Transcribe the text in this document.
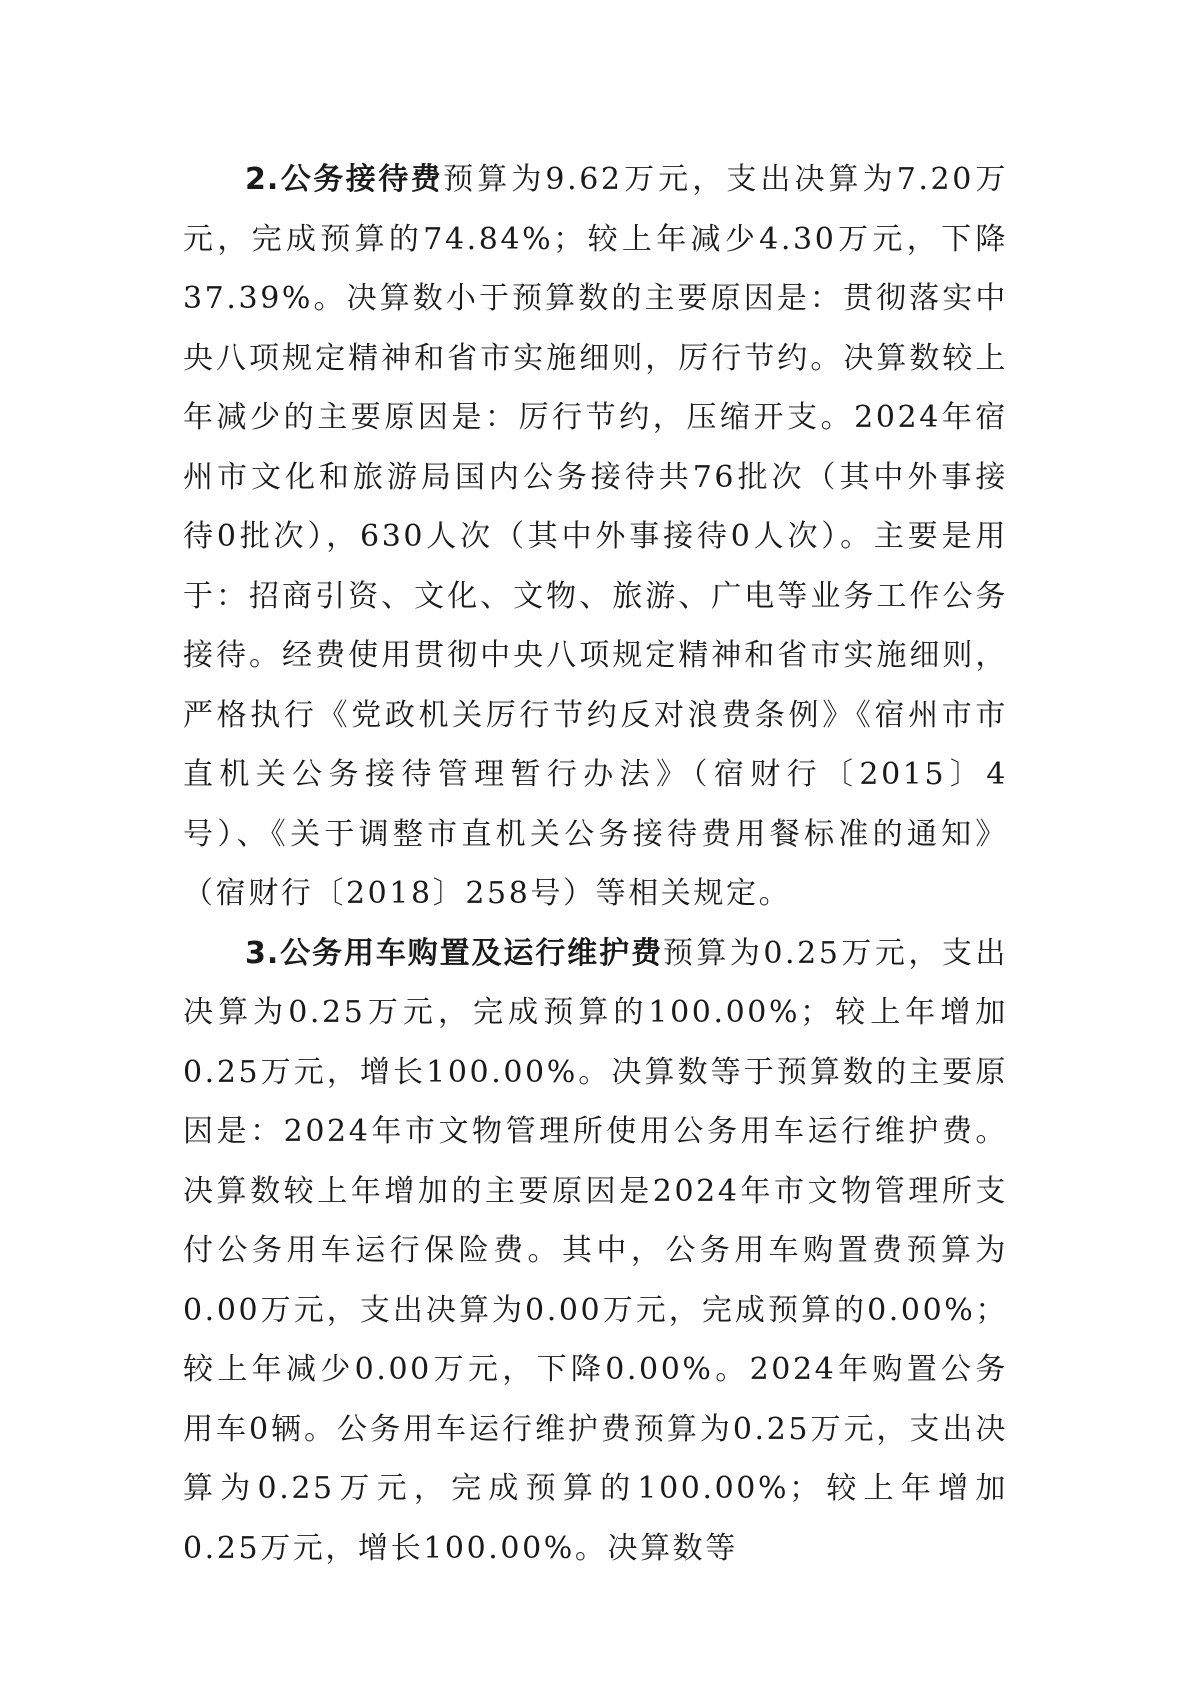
2.公务接待费预算为9.62万元，支出决算为7.20万元，完成预算的74.84%；较上年减少4.30万元，下降37.39%。决算数小于预算数的主要原因是：贯彻落实中央八项规定精神和省市实施细则，厉行节约。决算数较上年减少的主要原因是：厉行节约，压缩开支。2024年宿州市文化和旅游局国内公务接待共76批次（其中外事接待0批次），630人次（其中外事接待0人次）。主要是用于：招商引资、文化、文物、旅游、广电等业务工作公务接待。经费使用贯彻中央八项规定精神和省市实施细则，严格执行《党政机关厉行节约反对浪费条例》《宿州市市直机关公务接待管理暂行办法》（宿财行〔2015〕4号）、《关于调整市直机关公务接待费用餐标准的通知》（宿财行〔2018〕258号）等相关规定。

3.公务用车购置及运行维护费预算为0.25万元，支出决算为0.25万元，完成预算的100.00%；较上年增加0.25万元，增长100.00%。决算数等于预算数的主要原因是：2024年市文物管理所使用公务用车运行维护费。决算数较上年增加的主要原因是2024年市文物管理所支付公务用车运行保险费。其中，公务用车购置费预算为0.00万元，支出决算为0.00万元，完成预算的0.00%；较上年减少0.00万元，下降0.00%。2024年购置公务用车0辆。公务用车运行维护费预算为0.25万元，支出决算为0.25万元，完成预算的100.00%；较上年增加0.25万元，增长100.00%。决算数等
